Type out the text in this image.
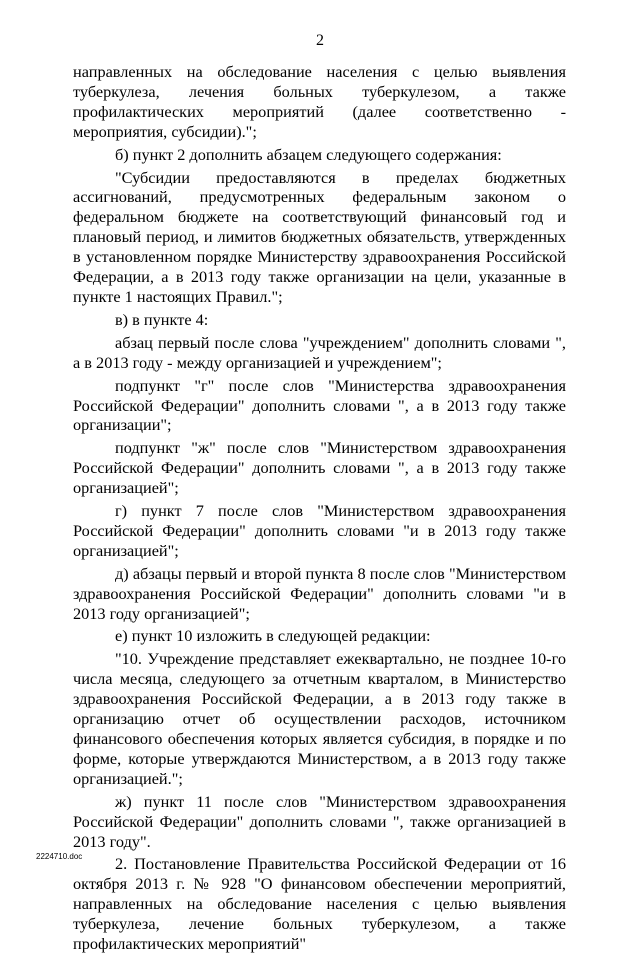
2

направленных на обследование населения с целью выявления туберкулеза, лечения больных туберкулезом, а также профилактических мероприятий (далее соответственно - мероприятия, субсидии).";

б) пункт 2 дополнить абзацем следующего содержания:

"Субсидии предоставляются в пределах бюджетных ассигнований, предусмотренных федеральным законом о федеральном бюджете на соответствующий финансовый год и плановый период, и лимитов бюджетных обязательств, утвержденных в установленном порядке Министерству здравоохранения Российской Федерации, а в 2013 году также организации на цели, указанные в пункте 1 настоящих Правил.";

в) в пункте 4:

абзац первый после слова "учреждением" дополнить словами ", а в 2013 году - между организацией и учреждением";

подпункт "г" после слов "Министерства здравоохранения Российской Федерации" дополнить словами ", а в 2013 году также организации";

подпункт "ж" после слов "Министерством здравоохранения Российской Федерации" дополнить словами ", а в 2013 году также организацией";

г) пункт 7 после слов "Министерством здравоохранения Российской Федерации" дополнить словами "и в 2013 году также организацией";

д) абзацы первый и второй пункта 8 после слов "Министерством здравоохранения Российской Федерации" дополнить словами "и в 2013 году организацией";

е) пункт 10 изложить в следующей редакции:

"10. Учреждение представляет ежеквартально, не позднее 10-го числа месяца, следующего за отчетным кварталом, в Министерство здравоохранения Российской Федерации, а в 2013 году также в организацию отчет об осуществлении расходов, источником финансового обеспечения которых является субсидия, в порядке и по форме, которые утверждаются Министерством, а в 2013 году также организацией.";

ж) пункт 11 после слов "Министерством здравоохранения Российской Федерации" дополнить словами ", также организацией в 2013 году".

2. Постановление Правительства Российской Федерации от 16 октября 2013 г. № 928 "О финансовом обеспечении мероприятий, направленных на обследование населения с целью выявления туберкулеза, лечение больных туберкулезом, а также профилактических мероприятий"

2224710.doc
